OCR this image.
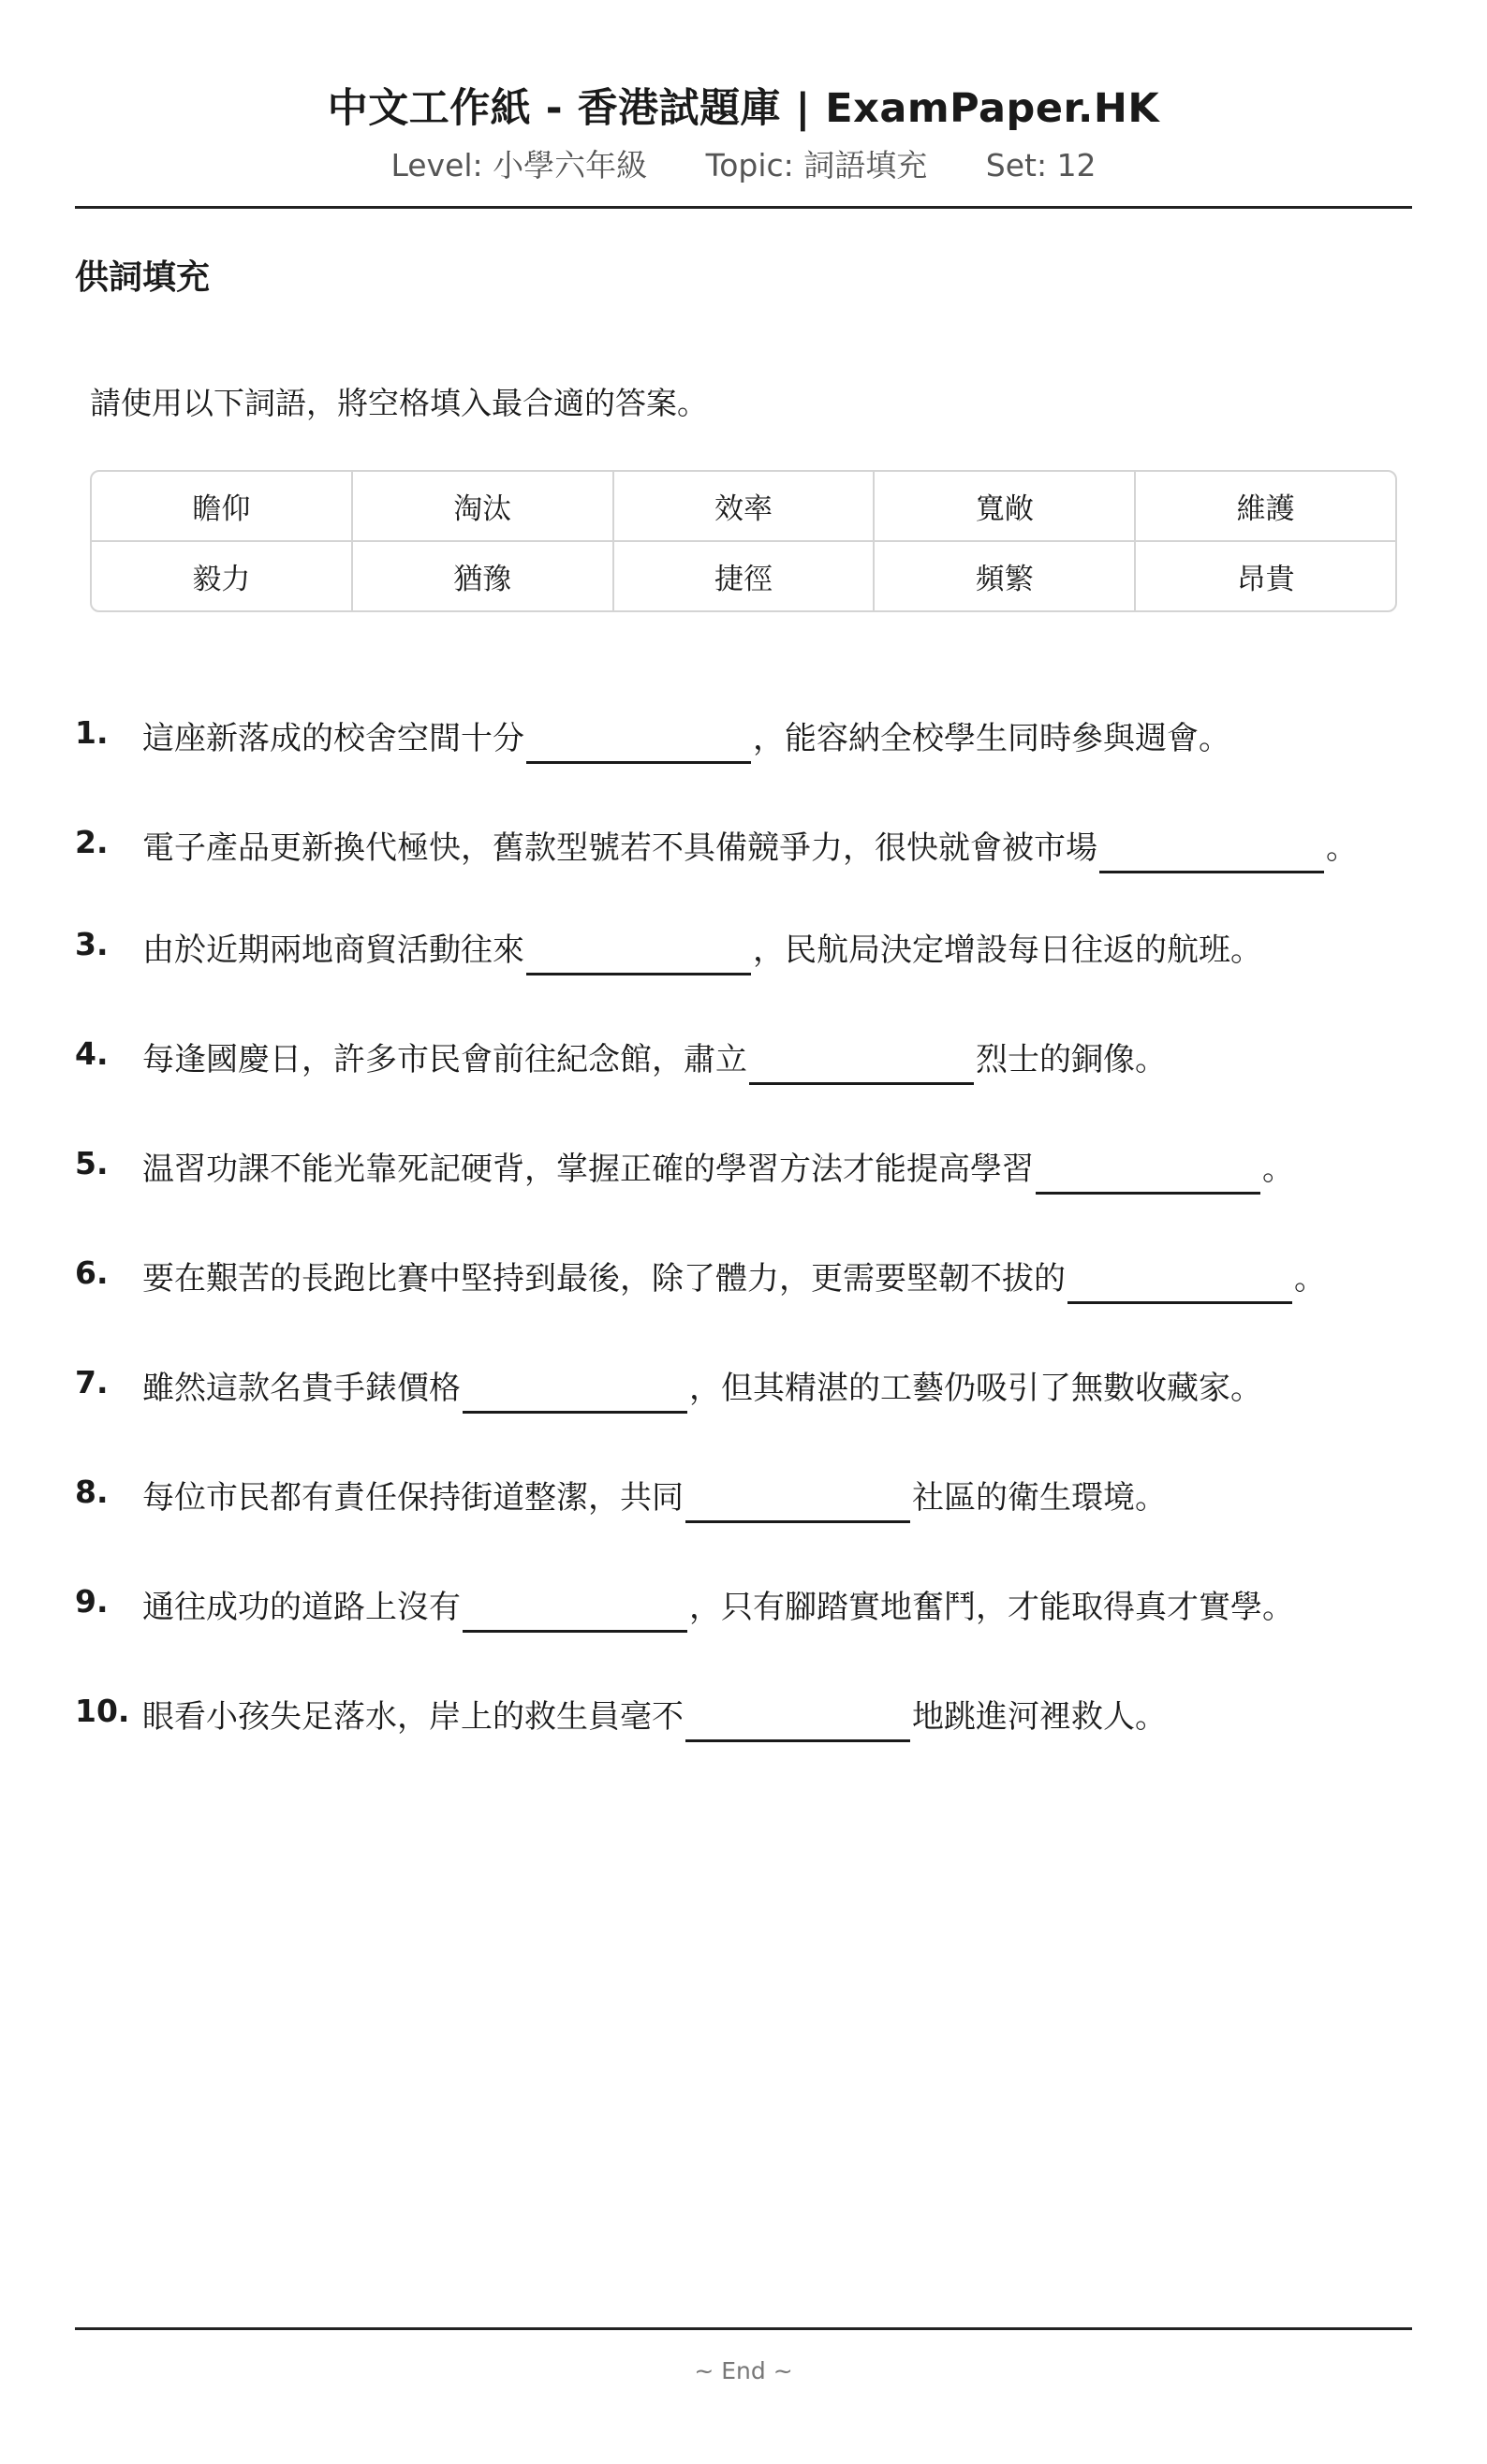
中文工作紙 - 香港試題庫 | ExamPaper.HK
Level: 小學六年級 Topic: 詞語填充 Set: 12
供詞填充
請使用以下詞語，將空格填入最合適的答案。
瞻仰	淘汰	效率	寬敞	維護
毅力	猶豫	捷徑	頻繁	昂貴
1. 這座新落成的校舍空間十分	，能容納全校學生同時參與週會。
2. 電子產品更新換代極快，舊款型號若不具備競爭力，很快就會被市場	。
3. 由於近期兩地商貿活動往來	，民航局決定增設每日往返的航班。
4. 每逢國慶日，許多市民會前往紀念館，肅立	烈士的銅像。
5. 温習功課不能光靠死記硬背，掌握正確的學習方法才能提高學習	。
6. 要在艱苦的長跑比賽中堅持到最後，除了體力，更需要堅韌不拔的	。
7. 雖然這款名貴手錶價格	，但其精湛的工藝仍吸引了無數收藏家。
8. 每位市民都有責任保持街道整潔，共同	社區的衛生環境。
9. 通往成功的道路上沒有	，只有腳踏實地奮鬥，才能取得真才實學。
10. 眼看小孩失足落水，岸上的救生員毫不	地跳進河裡救人。
~ End ~
